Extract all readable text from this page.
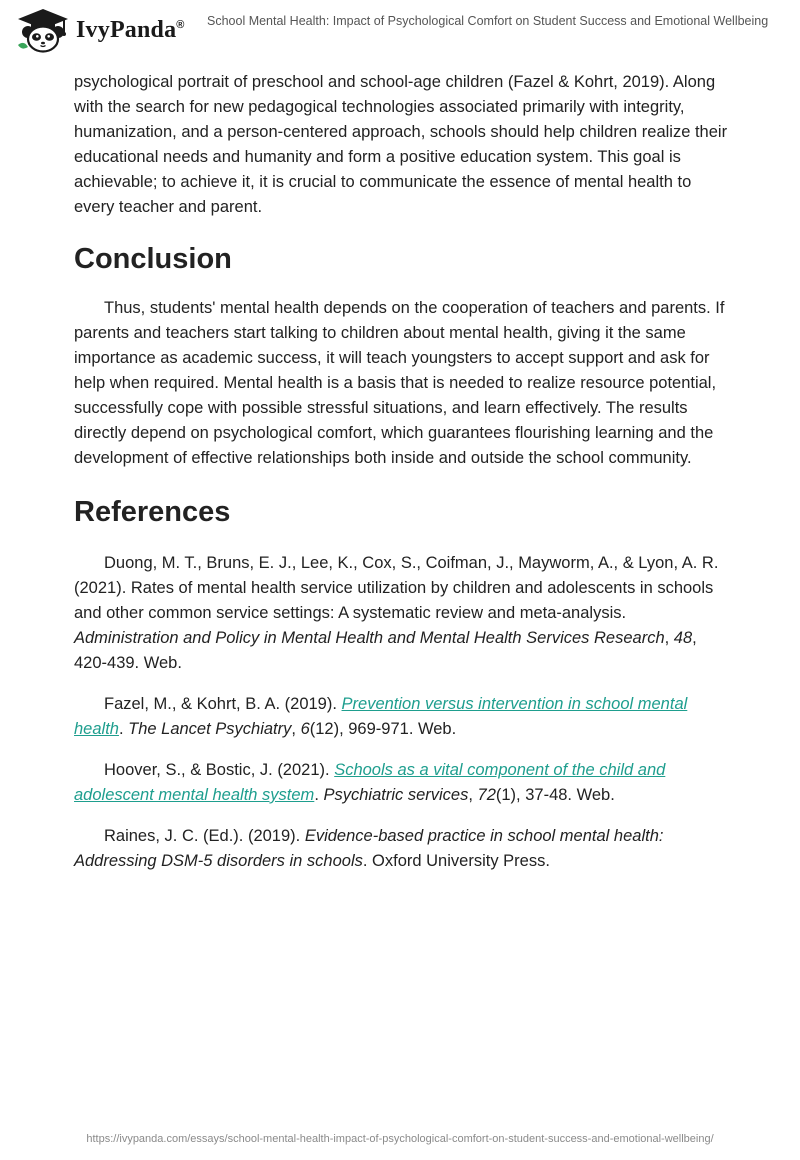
IvyPanda® School Mental Health: Impact of Psychological Comfort on Student Success and Emotional Wellbeing

psychological portrait of preschool and school-age children (Fazel & Kohrt, 2019). Along with the search for new pedagogical technologies associated primarily with integrity, humanization, and a person-centered approach, schools should help children realize their educational needs and humanity and form a positive education system. This goal is achievable; to achieve it, it is crucial to communicate the essence of mental health to every teacher and parent.

Conclusion

Thus, students' mental health depends on the cooperation of teachers and parents. If parents and teachers start talking to children about mental health, giving it the same importance as academic success, it will teach youngsters to accept support and ask for help when required. Mental health is a basis that is needed to realize resource potential, successfully cope with possible stressful situations, and learn effectively. The results directly depend on psychological comfort, which guarantees flourishing learning and the development of effective relationships both inside and outside the school community.

References

Duong, M. T., Bruns, E. J., Lee, K., Cox, S., Coifman, J., Mayworm, A., & Lyon, A. R. (2021). Rates of mental health service utilization by children and adolescents in schools and other common service settings: A systematic review and meta-analysis. Administration and Policy in Mental Health and Mental Health Services Research, 48, 420-439. Web.

Fazel, M., & Kohrt, B. A. (2019). Prevention versus intervention in school mental health. The Lancet Psychiatry, 6(12), 969-971. Web.

Hoover, S., & Bostic, J. (2021). Schools as a vital component of the child and adolescent mental health system. Psychiatric services, 72(1), 37-48. Web.

Raines, J. C. (Ed.). (2019). Evidence-based practice in school mental health: Addressing DSM-5 disorders in schools. Oxford University Press.

https://ivypanda.com/essays/school-mental-health-impact-of-psychological-comfort-on-student-success-and-emotional-wellbeing/
